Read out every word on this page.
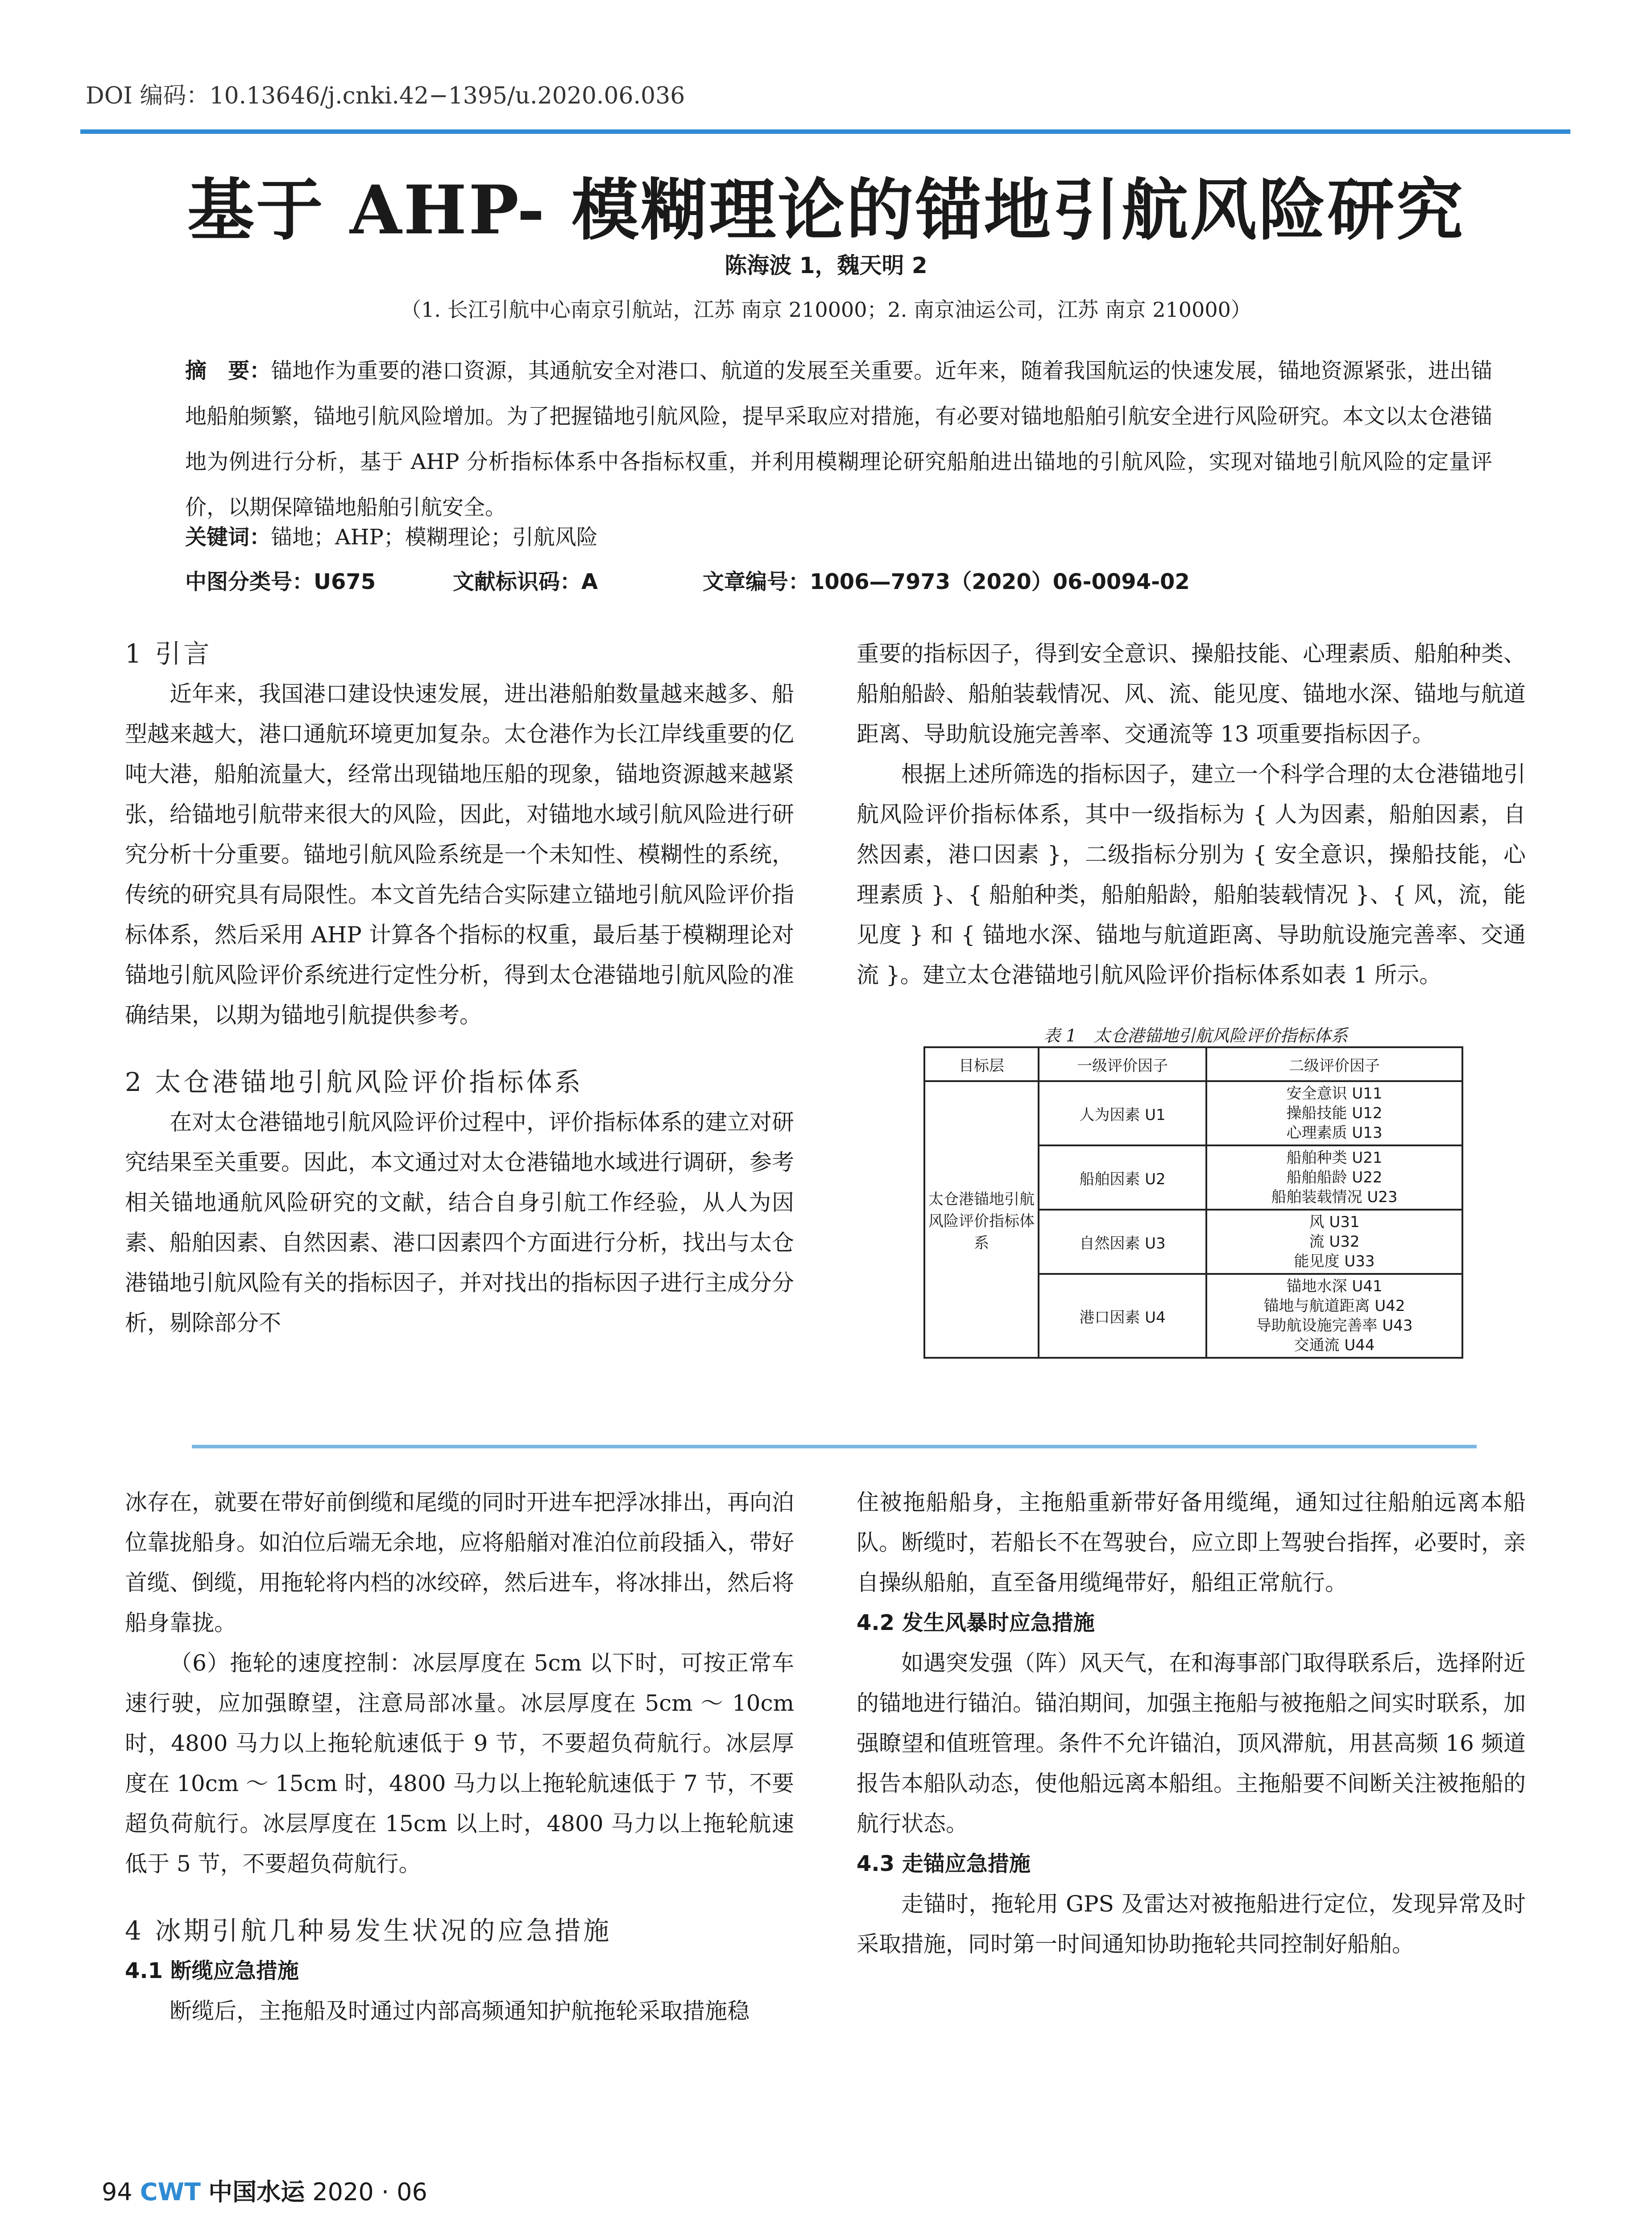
DOI 编码：10.13646/j.cnki.42−1395/u.2020.06.036
基于 AHP- 模糊理论的锚地引航风险研究
陈海波 1，魏天明 2
（1. 长江引航中心南京引航站，江苏 南京 210000；2. 南京油运公司，江苏 南京 210000）
摘　要：锚地作为重要的港口资源，其通航安全对港口、航道的发展至关重要。近年来，随着我国航运的快速发展，锚地资源紧张，进出锚地船舶频繁，锚地引航风险增加。为了把握锚地引航风险，提早采取应对措施，有必要对锚地船舶引航安全进行风险研究。本文以太仓港锚地为例进行分析，基于 AHP 分析指标体系中各指标权重，并利用模糊理论研究船舶进出锚地的引航风险，实现对锚地引航风险的定量评价，以期保障锚地船舶引航安全。
关键词：锚地；AHP；模糊理论；引航风险
中图分类号：U675	文献标识码：A	文章编号：1006—7973（2020）06-0094-02

1 引言

近年来，我国港口建设快速发展，进出港船舶数量越来越多、船型越来越大，港口通航环境更加复杂。太仓港作为长江岸线重要的亿吨大港，船舶流量大，经常出现锚地压船的现象，锚地资源越来越紧张，给锚地引航带来很大的风险，因此，对锚地水域引航风险进行研究分析十分重要。锚地引航风险系统是一个未知性、模糊性的系统，传统的研究具有局限性。本文首先结合实际建立锚地引航风险评价指标体系，然后采用 AHP 计算各个指标的权重，最后基于模糊理论对锚地引航风险评价系统进行定性分析，得到太仓港锚地引航风险的准确结果，以期为锚地引航提供参考。

2 太仓港锚地引航风险评价指标体系

在对太仓港锚地引航风险评价过程中，评价指标体系的建立对研究结果至关重要。因此，本文通过对太仓港锚地水域进行调研，参考相关锚地通航风险研究的文献，结合自身引航工作经验，从人为因素、船舶因素、自然因素、港口因素四个方面进行分析，找出与太仓港锚地引航风险有关的指标因子，并对找出的指标因子进行主成分分析，剔除部分不

重要的指标因子，得到安全意识、操船技能、心理素质、船舶种类、船舶船龄、船舶装载情况、风、流、能见度、锚地水深、锚地与航道距离、导助航设施完善率、交通流等 13 项重要指标因子。

根据上述所筛选的指标因子，建立一个科学合理的太仓港锚地引航风险评价指标体系，其中一级指标为 { 人为因素，船舶因素，自然因素，港口因素 }，二级指标分别为 { 安全意识，操船技能，心理素质 }、{ 船舶种类，船舶船龄，船舶装载情况 }、{ 风，流，能见度 } 和 { 锚地水深、锚地与航道距离、导助航设施完善率、交通流 }。建立太仓港锚地引航风险评价指标体系如表 1 所示。

表 1　太仓港锚地引航风险评价指标体系
目标层	一级评价因子	二级评价因子
太仓港锚地引航风险评价指标体系	人为因素 U1	安全意识 U11
操船技能 U12
心理素质 U13

	船舶因素 U2	船舶种类 U21
船舶船龄 U22
船舶装载情况 U23

	自然因素 U3	风 U31
流 U32
能见度 U33

	港口因素 U4	锚地水深 U41
锚地与航道距离 U42
导助航设施完善率 U43
交通流 U44

冰存在，就要在带好前倒缆和尾缆的同时开进车把浮冰排出，再向泊位靠拢船身。如泊位后端无余地，应将船艏对准泊位前段插入，带好首缆、倒缆，用拖轮将内档的冰绞碎，然后进车，将冰排出，然后将船身靠拢。

（6）拖轮的速度控制：冰层厚度在 5cm 以下时，可按正常车速行驶，应加强瞭望，注意局部冰量。冰层厚度在 5cm ～ 10cm 时，4800 马力以上拖轮航速低于 9 节，不要超负荷航行。冰层厚度在 10cm ～ 15cm 时，4800 马力以上拖轮航速低于 7 节，不要超负荷航行。冰层厚度在 15cm 以上时，4800 马力以上拖轮航速低于 5 节，不要超负荷航行。

4 冰期引航几种易发生状况的应急措施

4.1 断缆应急措施

断缆后，主拖船及时通过内部高频通知护航拖轮采取措施稳

住被拖船船身，主拖船重新带好备用缆绳，通知过往船舶远离本船队。断缆时，若船长不在驾驶台，应立即上驾驶台指挥，必要时，亲自操纵船舶，直至备用缆绳带好，船组正常航行。

4.2 发生风暴时应急措施

如遇突发强（阵）风天气，在和海事部门取得联系后，选择附近的锚地进行锚泊。锚泊期间，加强主拖船与被拖船之间实时联系，加强瞭望和值班管理。条件不允许锚泊，顶风滞航，用甚高频 16 频道报告本船队动态，使他船远离本船组。主拖船要不间断关注被拖船的航行状态。

4.3 走锚应急措施

走锚时，拖轮用 GPS 及雷达对被拖船进行定位，发现异常及时采取措施，同时第一时间通知协助拖轮共同控制好船舶。

94 CWT 中国水运 2020 · 06
